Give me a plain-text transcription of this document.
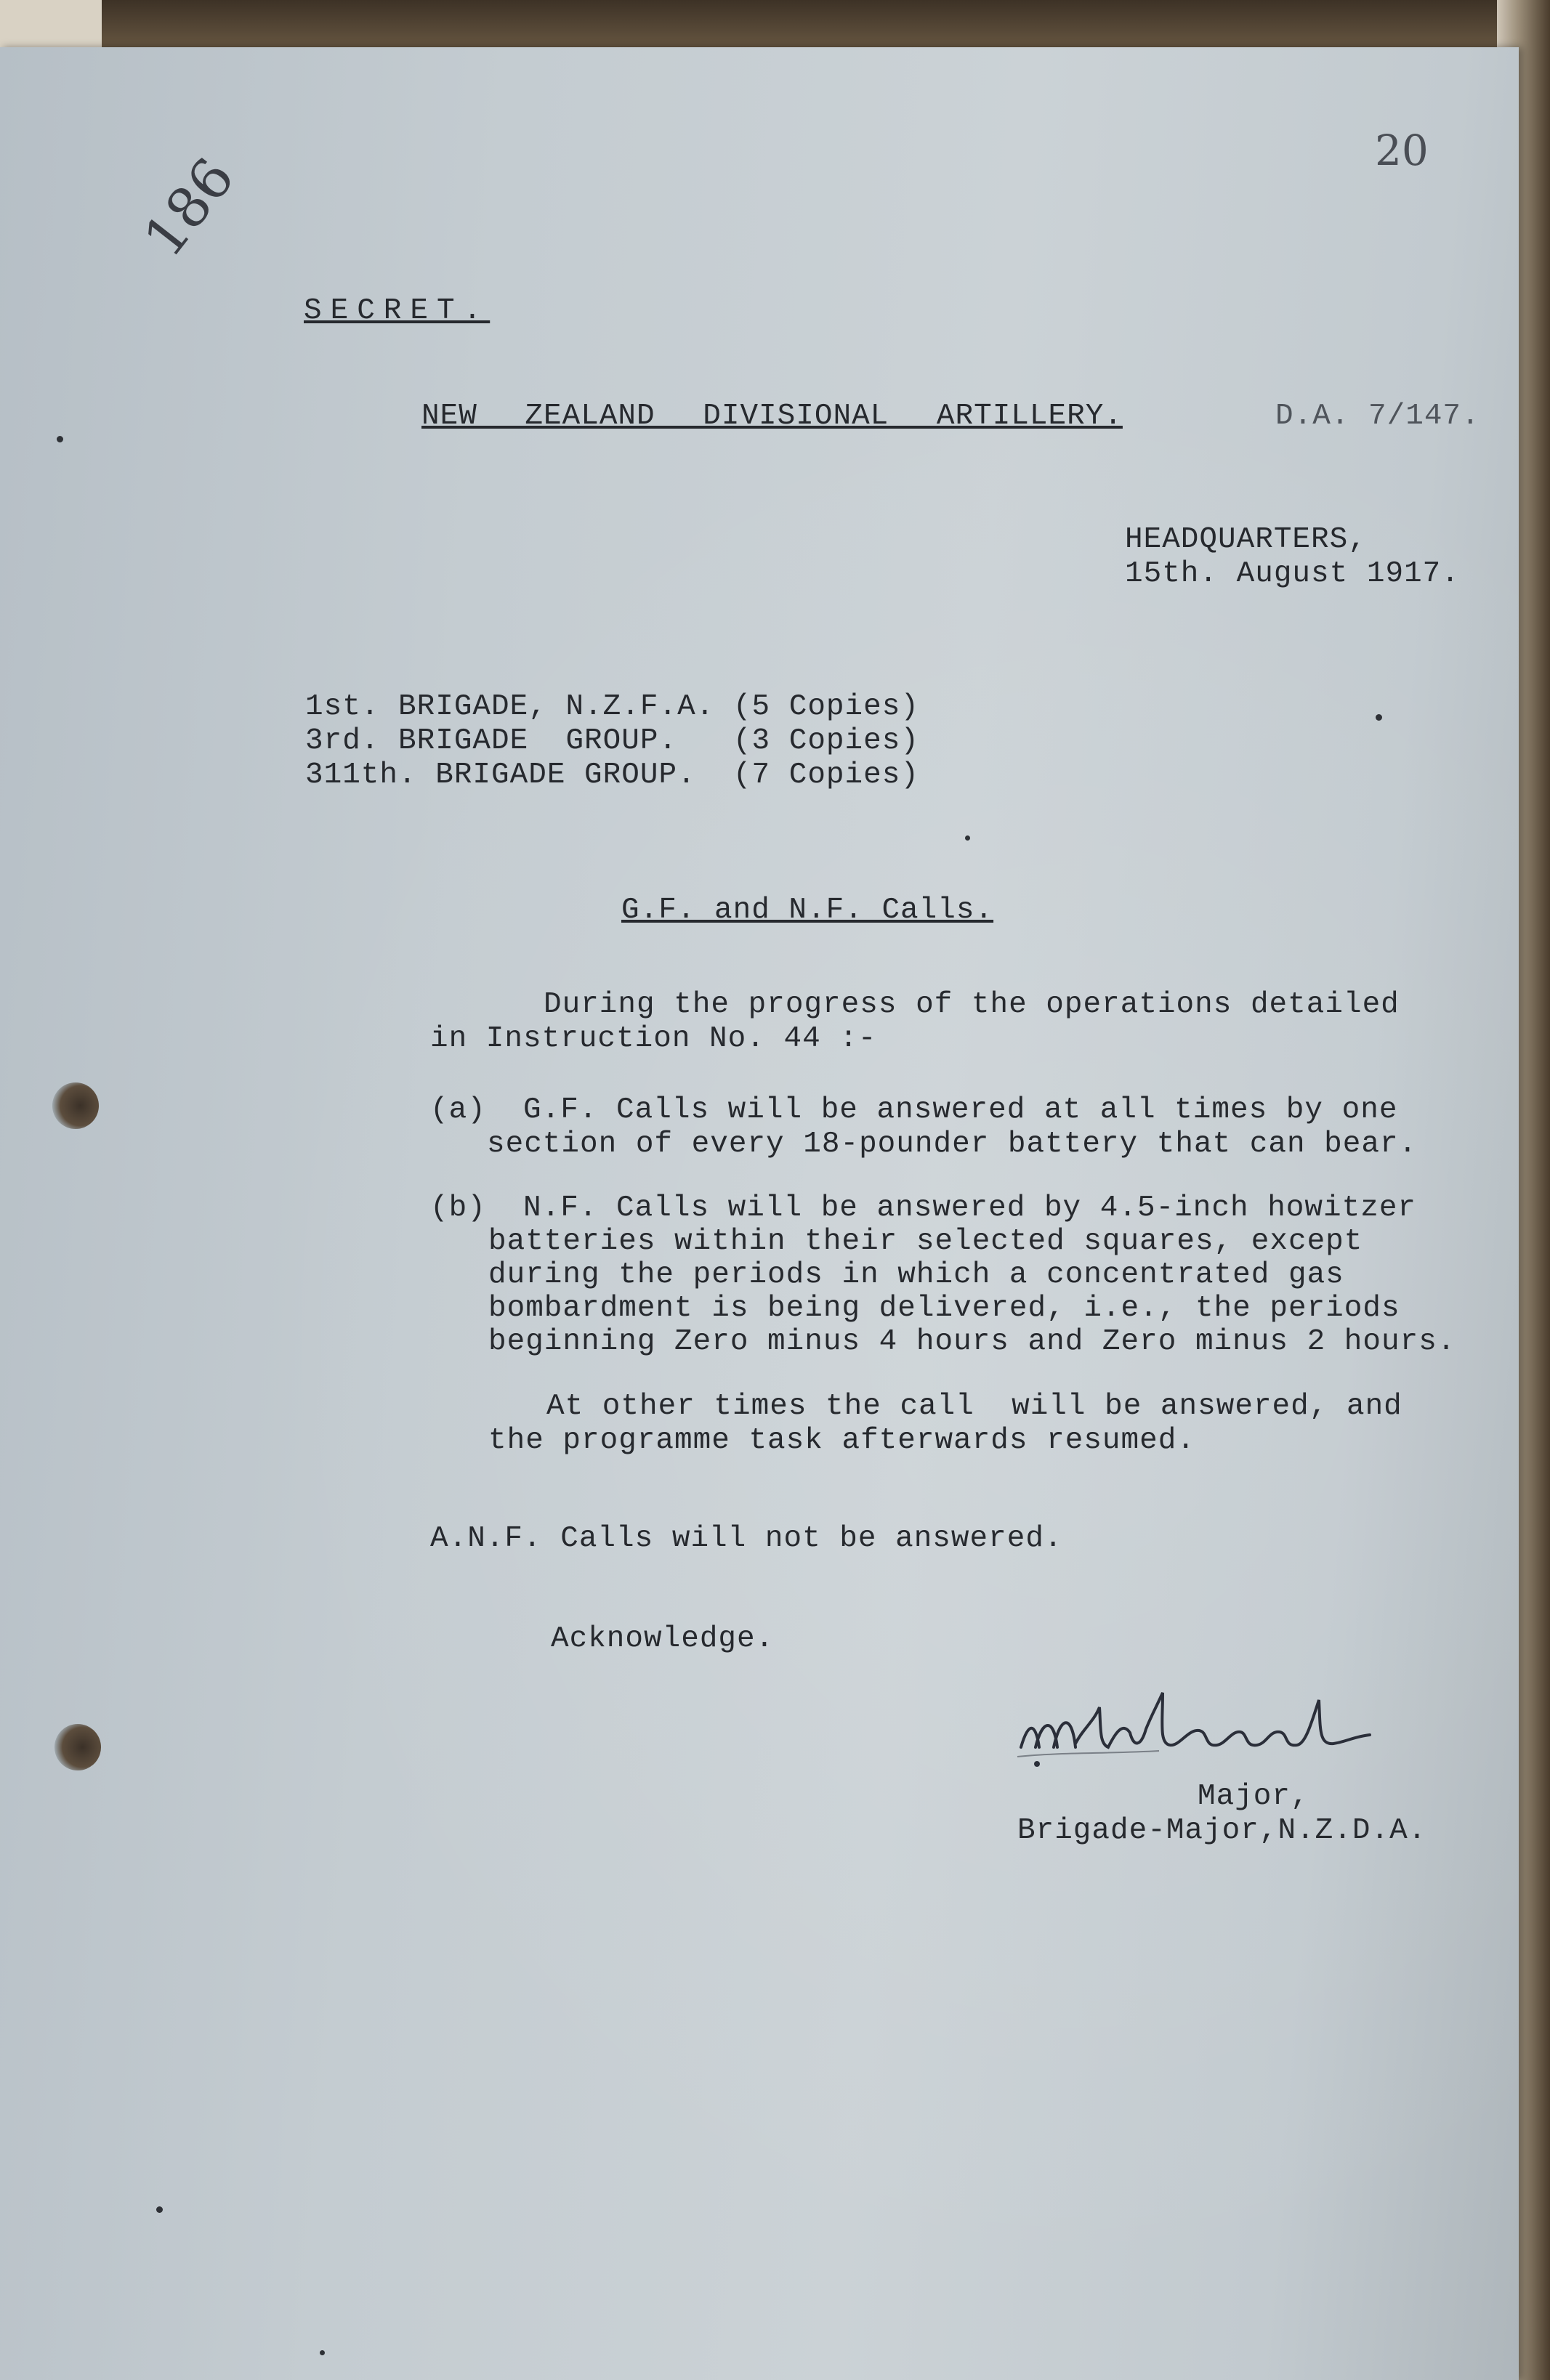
186	20
SECRET.
NEW ZEALAND DIVISIONAL ARTILLERY.	D.A. 7/147.
HEADQUARTERS,
15th. August 1917.
1st. BRIGADE, N.Z.F.A. (5 Copies)
3rd. BRIGADE  GROUP. (3 Copies)
311th. BRIGADE GROUP. (7 Copies)
G.F. and N.F. Calls.
During the progress of the operations detailed
in Instruction No. 44 :-
(a) G.F. Calls will be answered at all times by one
section of every 18-pounder battery that can bear.
(b) N.F. Calls will be answered by 4.5-inch howitzer
batteries within their selected squares, except
during the periods in which a concentrated gas
bombardment is being delivered, i.e., the periods
beginning Zero minus 4 hours and Zero minus 2 hours.
At other times the call  will be answered, and
the programme task afterwards resumed.
A.N.F. Calls will not be answered.
Acknowledge.
Major,
Brigade-Major,N.Z.D.A.
